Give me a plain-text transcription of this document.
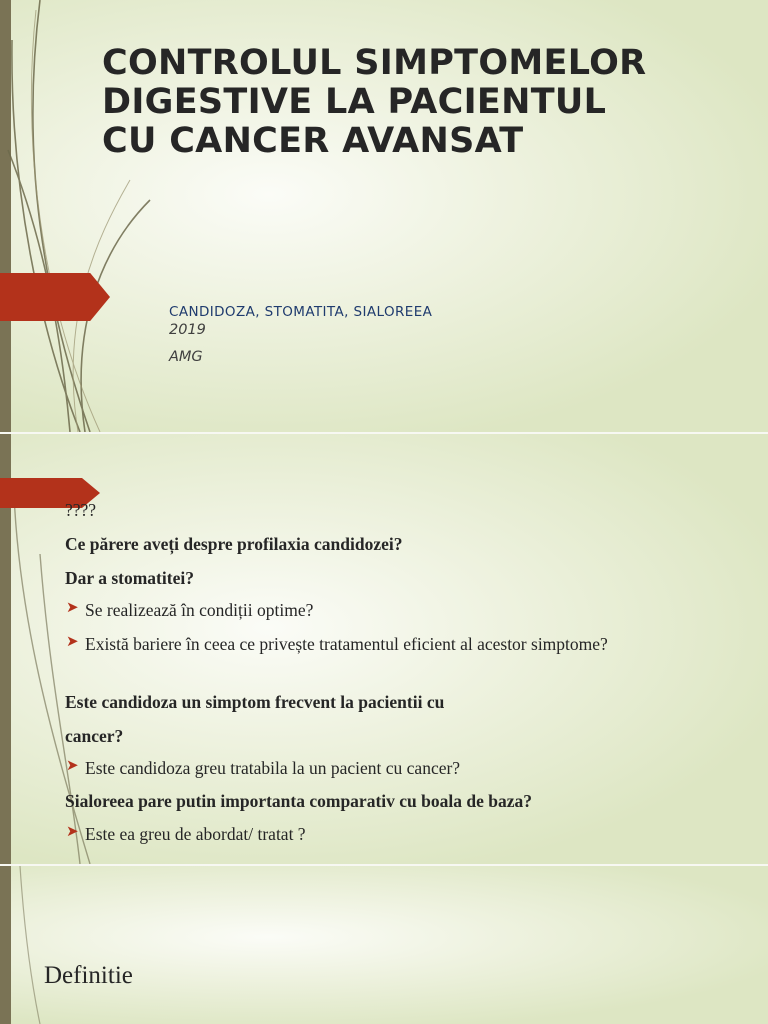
CONTROLUL SIMPTOMELOR
DIGESTIVE LA PACIENTUL
CU CANCER AVANSAT
CANDIDOZA, STOMATITA, SIALOREEA
2019
AMG
????
Ce părere aveți despre profilaxia candidozei?
Dar a stomatitei?
➤ Se realizează în condiții optime?
➤ Există bariere în ceea ce privește tratamentul eficient al acestor simptome?
Este candidoza un simptom frecvent la pacientii cu
cancer?
➤ Este candidoza greu tratabila la un pacient cu cancer?
Sialoreea pare putin importanta comparativ cu boala de baza?
➤ Este ea greu de abordat/ tratat ?
Definitie
